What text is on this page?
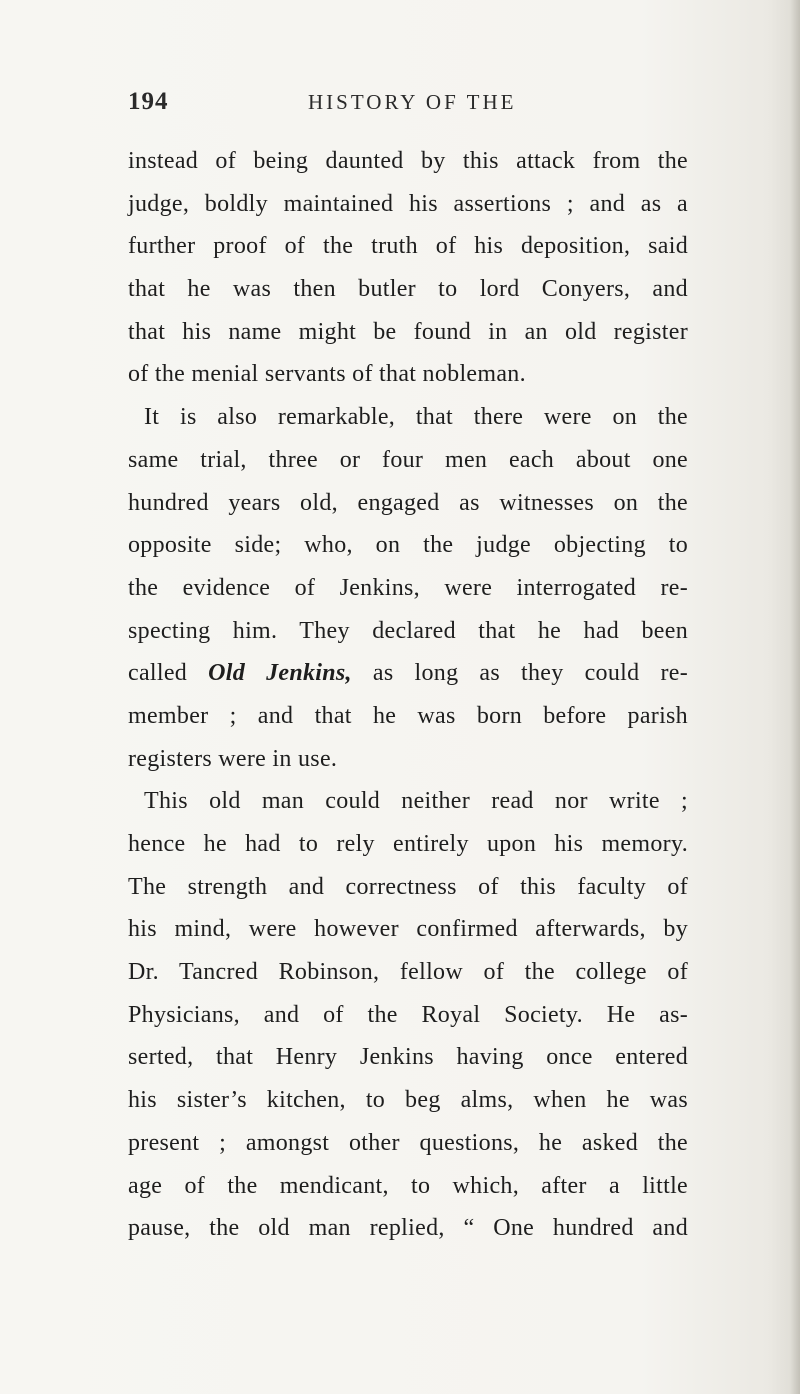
194	HISTORY OF THE
instead of being daunted by this attack from the
judge, boldly maintained his assertions ; and as a
further proof of the truth of his deposition, said
that he was then butler to lord Conyers, and
that his name might be found in an old register
of the menial servants of that nobleman.
It is also remarkable, that there were on the
same trial, three or four men each about one
hundred years old, engaged as witnesses on the
opposite side; who, on the judge objecting to
the evidence of Jenkins, were interrogated re-
specting him. They declared that he had been
called Old Jenkins, as long as they could re-
member ; and that he was born before parish
registers were in use.
This old man could neither read nor write ;
hence he had to rely entirely upon his memory.
The strength and correctness of this faculty of
his mind, were however confirmed afterwards, by
Dr. Tancred Robinson, fellow of the college of
Physicians, and of the Royal Society. He as-
serted, that Henry Jenkins having once entered
his sister’s kitchen, to beg alms, when he was
present ; amongst other questions, he asked the
age of the mendicant, to which, after a little
pause, the old man replied, “ One hundred and
